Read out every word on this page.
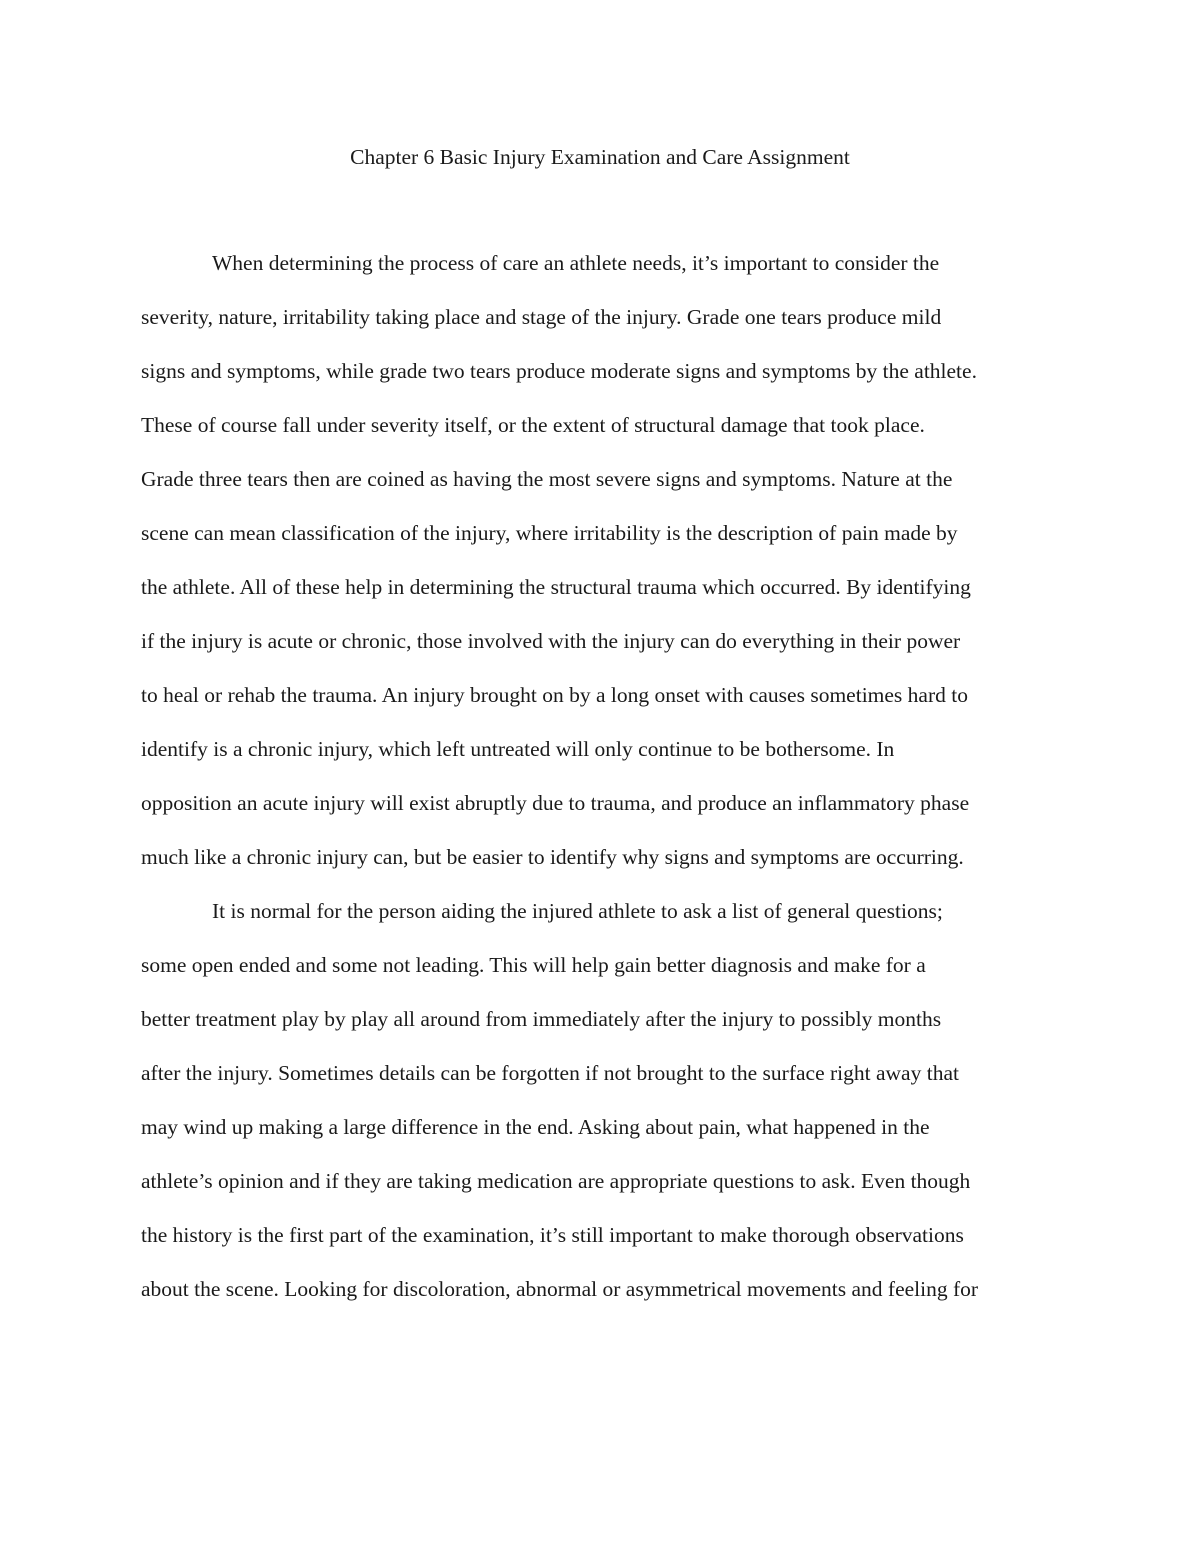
Chapter 6 Basic Injury Examination and Care Assignment
When determining the process of care an athlete needs, it’s important to consider the
severity, nature, irritability taking place and stage of the injury. Grade one tears produce mild
signs and symptoms, while grade two tears produce moderate signs and symptoms by the athlete.
These of course fall under severity itself, or the extent of structural damage that took place.
Grade three tears then are coined as having the most severe signs and symptoms. Nature at the
scene can mean classification of the injury, where irritability is the description of pain made by
the athlete. All of these help in determining the structural trauma which occurred. By identifying
if the injury is acute or chronic, those involved with the injury can do everything in their power
to heal or rehab the trauma. An injury brought on by a long onset with causes sometimes hard to
identify is a chronic injury, which left untreated will only continue to be bothersome. In
opposition an acute injury will exist abruptly due to trauma, and produce an inflammatory phase
much like a chronic injury can, but be easier to identify why signs and symptoms are occurring.
It is normal for the person aiding the injured athlete to ask a list of general questions;
some open ended and some not leading. This will help gain better diagnosis and make for a
better treatment play by play all around from immediately after the injury to possibly months
after the injury. Sometimes details can be forgotten if not brought to the surface right away that
may wind up making a large difference in the end. Asking about pain, what happened in the
athlete’s opinion and if they are taking medication are appropriate questions to ask. Even though
the history is the first part of the examination, it’s still important to make thorough observations
about the scene. Looking for discoloration, abnormal or asymmetrical movements and feeling for
